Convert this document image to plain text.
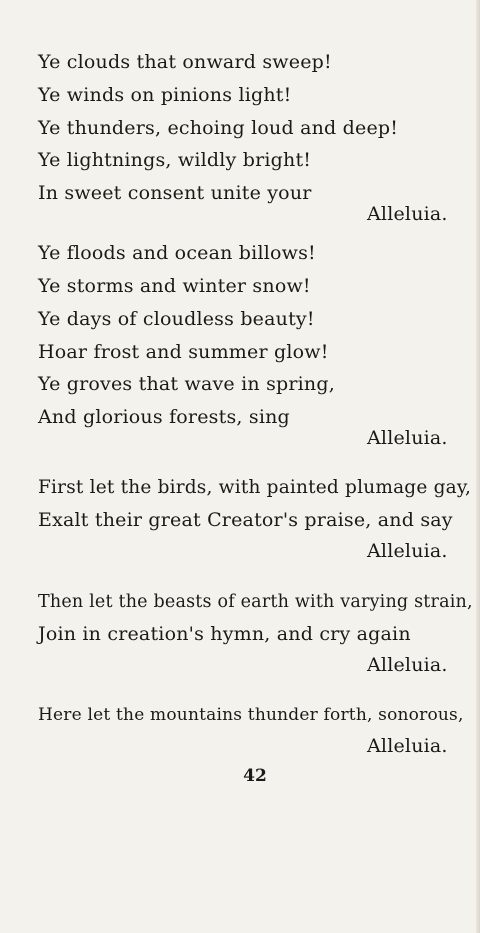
Ye clouds that onward sweep!
Ye winds on pinions light!
Ye thunders, echoing loud and deep!
Ye lightnings, wildly bright!
In sweet consent unite your
Alleluia.
Ye floods and ocean billows!
Ye storms and winter snow!
Ye days of cloudless beauty!
Hoar frost and summer glow!
Ye groves that wave in spring,
And glorious forests, sing
Alleluia.
First let the birds, with painted plumage gay,
Exalt their great Creator's praise, and say
Alleluia.
Then let the beasts of earth with varying strain,
Join in creation's hymn, and cry again
Alleluia.
Here let the mountains thunder forth, sonorous,
Alleluia.
42
